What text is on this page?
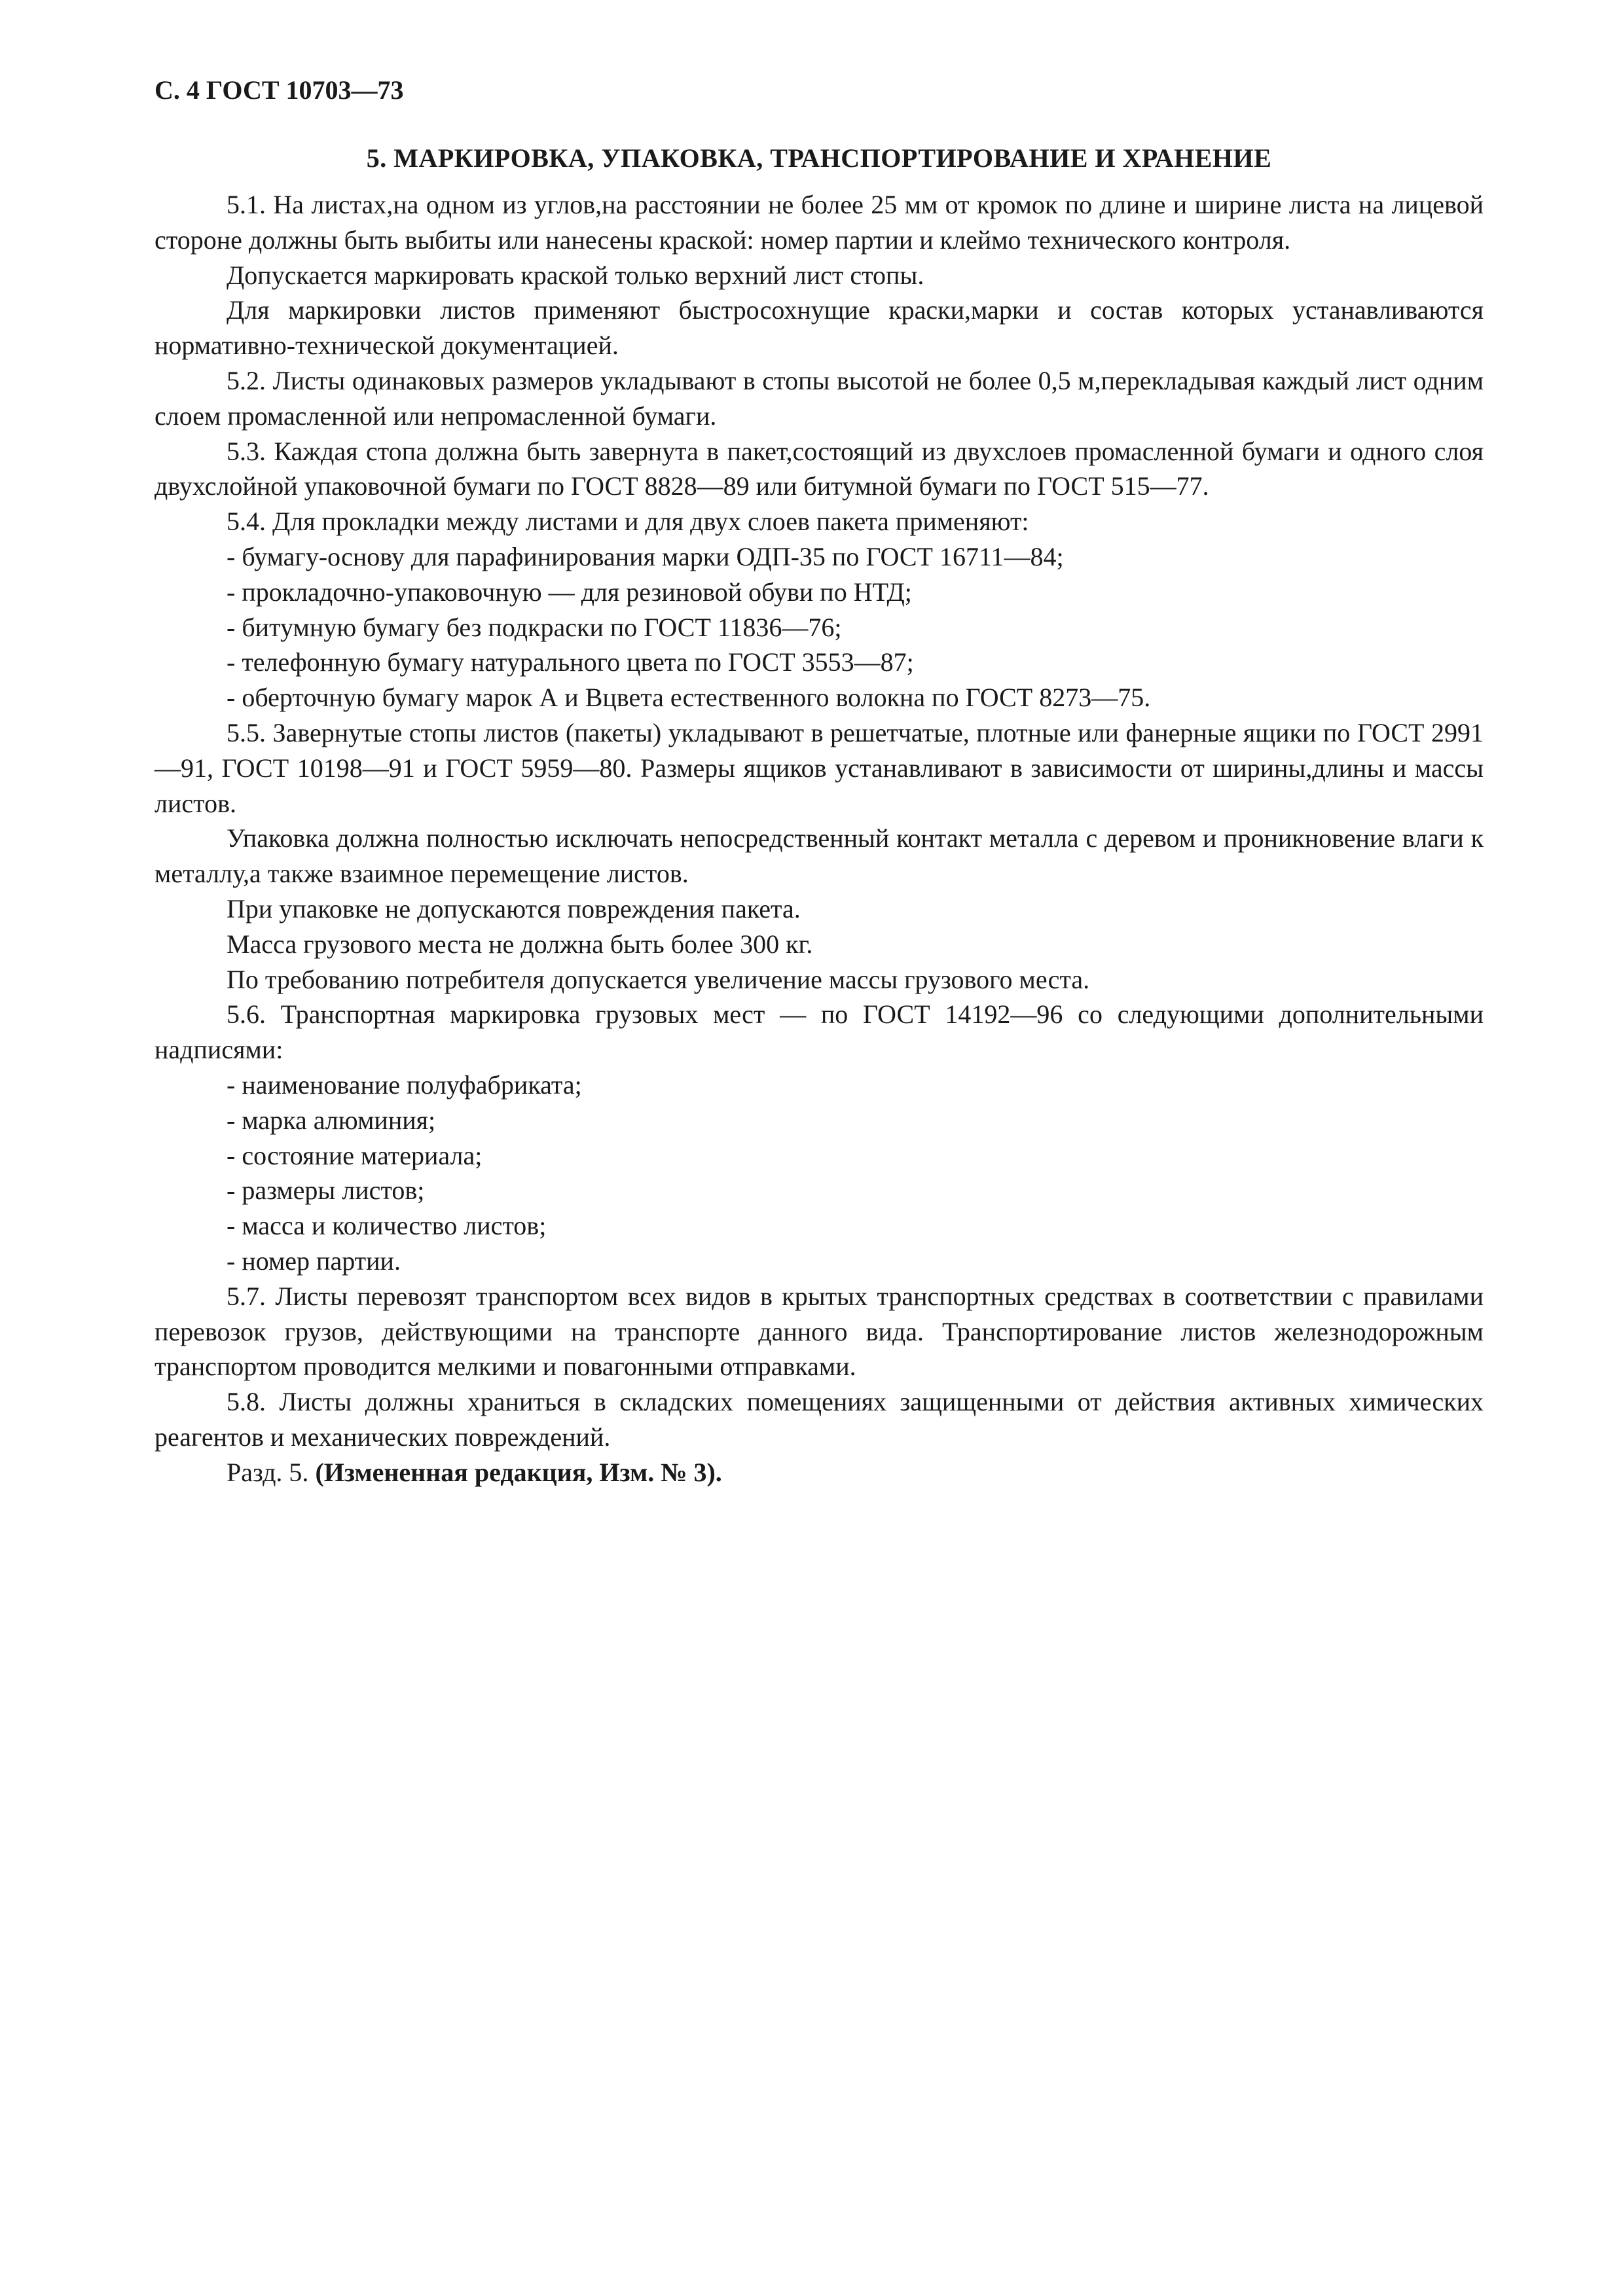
С. 4 ГОСТ 10703—73
5. МАРКИРОВКА, УПАКОВКА, ТРАНСПОРТИРОВАНИЕ И ХРАНЕНИЕ

5.1. На листах,на одном из углов,на расстоянии не более 25 мм от кромок по длине и ширине листа на лицевой стороне должны быть выбиты или нанесены краской: номер партии и клеймо технического контроля.

Допускается маркировать краской только верхний лист стопы.

Для маркировки листов применяют быстросохнущие краски,марки и состав которых устанавливаются нормативно-технической документацией.

5.2. Листы одинаковых размеров укладывают в стопы высотой не более 0,5 м,перекладывая каждый лист одним слоем промасленной или непромасленной бумаги.

5.3. Каждая стопа должна быть завернута в пакет,состоящий из двухслоев промасленной бумаги и одного слоя двухслойной упаковочной бумаги по ГОСТ 8828—89 или битумной бумаги по ГОСТ 515—77.

5.4. Для прокладки между листами и для двух слоев пакета применяют:

- бумагу-основу для парафинирования марки ОДП-35 по ГОСТ 16711—84;

- прокладочно-упаковочную — для резиновой обуви по НТД;

- битумную бумагу без подкраски по ГОСТ 11836—76;

- телефонную бумагу натурального цвета по ГОСТ 3553—87;

- оберточную бумагу марок А и Вцвета естественного волокна по ГОСТ 8273—75.

5.5. Завернутые стопы листов (пакеты) укладывают в решетчатые, плотные или фанерные ящики по ГОСТ 2991—91, ГОСТ 10198—91 и ГОСТ 5959—80. Размеры ящиков устанавливают в зависимости от ширины,длины и массы листов.

Упаковка должна полностью исключать непосредственный контакт металла с деревом и проникновение влаги к металлу,а также взаимное перемещение листов.

При упаковке не допускаются повреждения пакета.

Масса грузового места не должна быть более 300 кг.

По требованию потребителя допускается увеличение массы грузового места.

5.6. Транспортная маркировка грузовых мест — по ГОСТ 14192—96 со следующими дополнительными надписями:

- наименование полуфабриката;

- марка алюминия;

- состояние материала;

- размеры листов;

- масса и количество листов;

- номер партии.

5.7. Листы перевозят транспортом всех видов в крытых транспортных средствах в соответствии с правилами перевозок грузов, действующими на транспорте данного вида. Транспортирование листов железнодорожным транспортом проводится мелкими и повагонными отправками.

5.8. Листы должны храниться в складских помещениях защищенными от действия активных химических реагентов и механических повреждений.

Разд. 5. (Измененная редакция, Изм. № 3).
